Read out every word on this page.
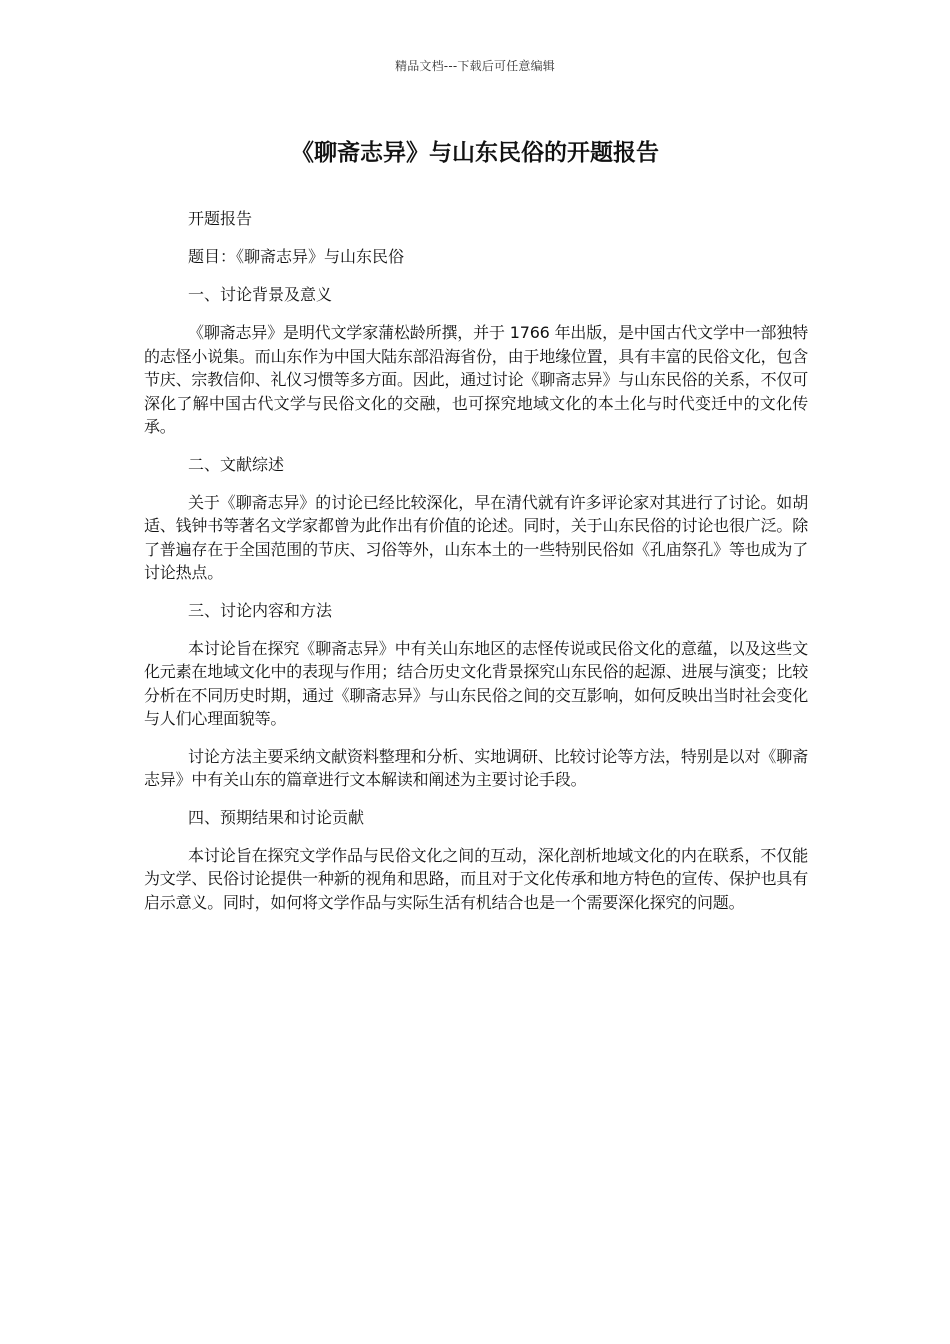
精品文档---下载后可任意编辑
《聊斋志异》与山东民俗的开题报告

开题报告

题目：《聊斋志异》与山东民俗

一、讨论背景及意义

《聊斋志异》是明代文学家蒲松龄所撰，并于 1766 年出版，是中国古代文学中一部独特的志怪小说集。而山东作为中国大陆东部沿海省份，由于地缘位置，具有丰富的民俗文化，包含节庆、宗教信仰、礼仪习惯等多方面。因此，通过讨论《聊斋志异》与山东民俗的关系，不仅可深化了解中国古代文学与民俗文化的交融，也可探究地域文化的本土化与时代变迁中的文化传承。

二、文献综述

关于《聊斋志异》的讨论已经比较深化，早在清代就有许多评论家对其进行了讨论。如胡适、钱钟书等著名文学家都曾为此作出有价值的论述。同时，关于山东民俗的讨论也很广泛。除了普遍存在于全国范围的节庆、习俗等外，山东本土的一些特别民俗如《孔庙祭孔》等也成为了讨论热点。

三、讨论内容和方法

本讨论旨在探究《聊斋志异》中有关山东地区的志怪传说或民俗文化的意蕴，以及这些文化元素在地域文化中的表现与作用；结合历史文化背景探究山东民俗的起源、进展与演变；比较分析在不同历史时期，通过《聊斋志异》与山东民俗之间的交互影响，如何反映出当时社会变化与人们心理面貌等。

讨论方法主要采纳文献资料整理和分析、实地调研、比较讨论等方法，特别是以对《聊斋志异》中有关山东的篇章进行文本解读和阐述为主要讨论手段。

四、预期结果和讨论贡献

本讨论旨在探究文学作品与民俗文化之间的互动，深化剖析地域文化的内在联系，不仅能为文学、民俗讨论提供一种新的视角和思路，而且对于文化传承和地方特色的宣传、保护也具有启示意义。同时，如何将文学作品与实际生活有机结合也是一个需要深化探究的问题。
